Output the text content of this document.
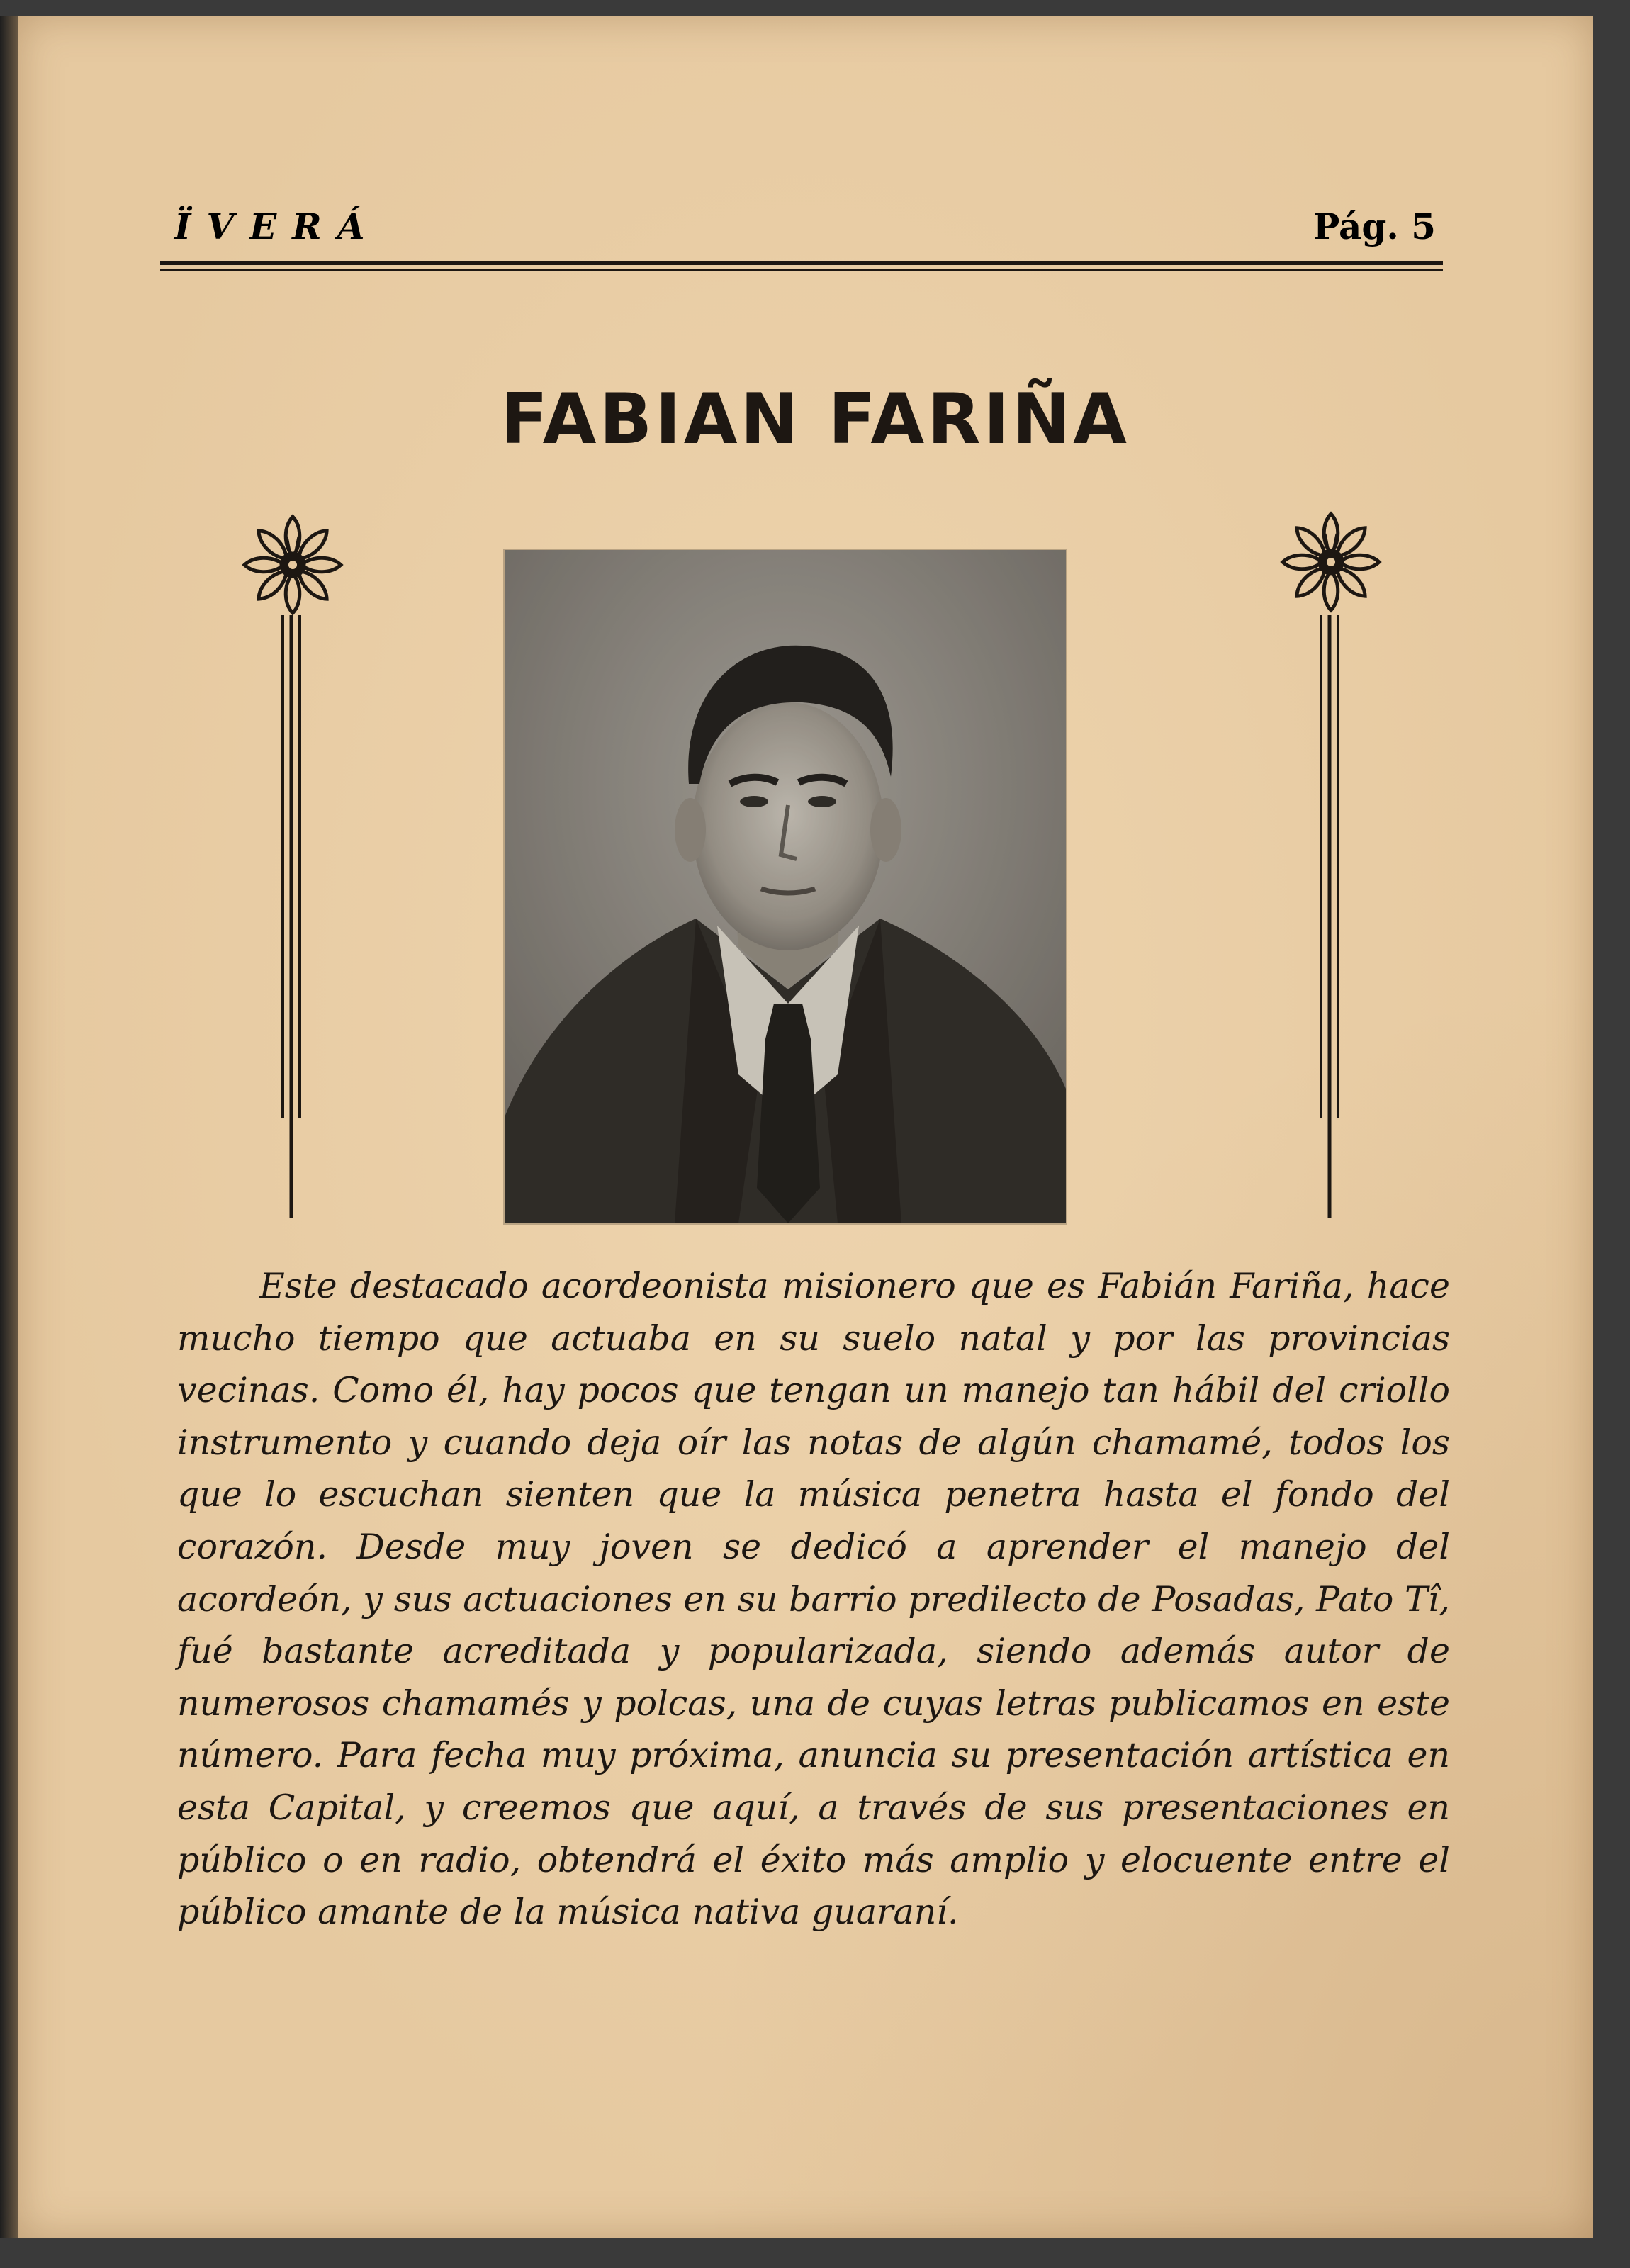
ÏVERÁ	Pág. 5
FABIAN FARIÑA
Este destacado acordeonista misionero que es Fabián Fariña, hace mucho tiempo que actuaba en su suelo natal y por las provincias vecinas. Como él, hay pocos que tengan un manejo tan hábil del criollo instrumento y cuando deja oír las notas de algún chamamé, todos los que lo escuchan sienten que la música penetra hasta el fondo del corazón. Desde muy joven se dedicó a aprender el manejo del acordeón, y sus actuaciones en su barrio predilecto de Posadas, Pato Tî, fué bastante acreditada y popularizada, siendo además autor de numerosos chamamés y polcas, una de cuyas letras publicamos en este número. Para fecha muy próxima, anuncia su presentación artística en esta Capital, y creemos que aquí, a través de sus presentaciones en público o en radio, obtendrá el éxito más amplio y elocuente entre el público amante de la música nativa guaraní.
